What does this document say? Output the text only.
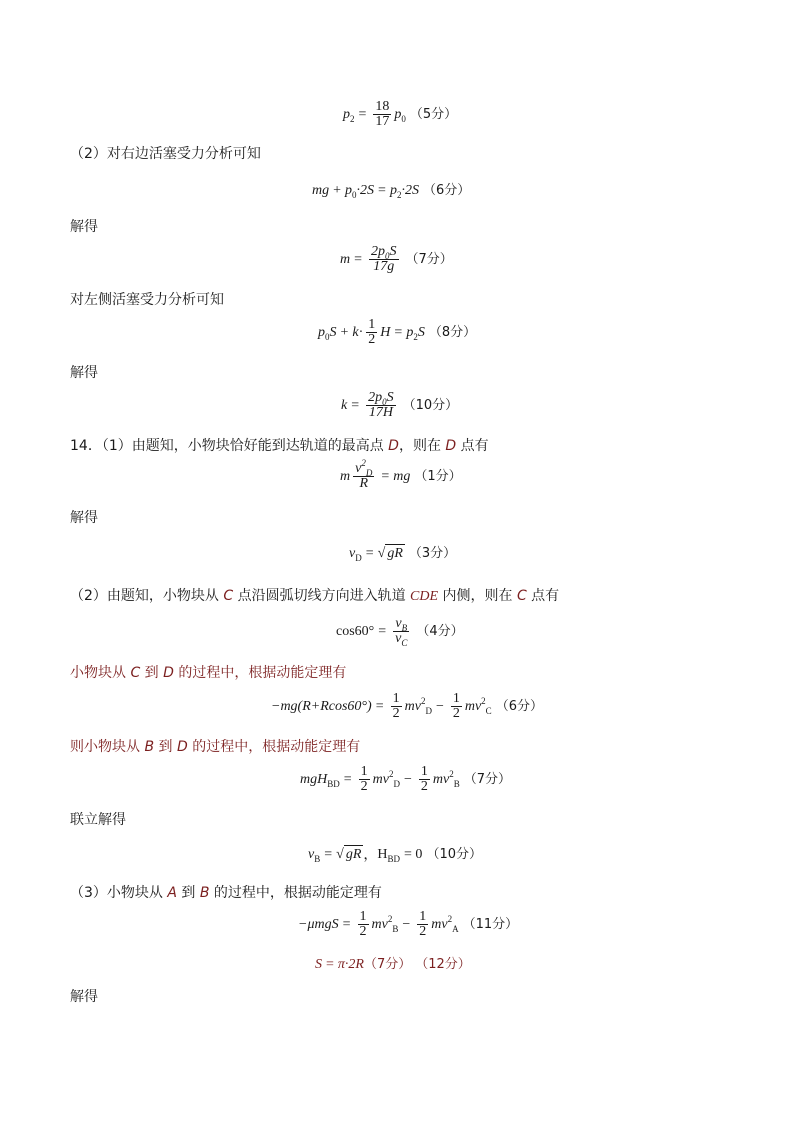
p $2 = \frac{18}{17}$ p 0 （5分）
（2）对右边活塞受力分析可知
mg + p 0 ·2S = p 2 ·2S （6分）
解得
$m = \frac{2p_0S}{17g} (7$分）
对左侧活塞受力分析可知
p 0 $S + k \cdot \frac{1}{2}$ H = p 2 S （8分）
解得
$k = \frac{2p_0S}{17H} (10$分）
14．（1）由题知，小物块恰好能到达轨道的最高点 D，则在 D 点有
m $\frac{v^2_D}{R}$ = mg （1分）
解得
v D = √ gR （3分）
（2）由题知，小物块从 C 点沿圆弧切线方向进入轨道 CDE 内侧，则在 C 点有
$\cos 60^\circ = \frac{v_B}{v_C} (4$分）
小物块从 C 到 D 的过程中，根据动能定理有
$-mg(R+Rcos60^\circ) = \frac{1}{2}$ mv 2
$D - \frac{1}{2}$ mv 2
C （6分）
则小物块从 B 到 D 的过程中，根据动能定理有
mgH BD = $\frac{1}{2}$ mv 2
$D - \frac{1}{2}$ mv 2
B （7分）
联立解得
v B = √ gR ， H BD = 0 （10分）
（3）小物块从 A 到 B 的过程中，根据动能定理有
$-\mu mgS = \frac{1}{2}$ mv 2
$B - \frac{1}{2}$ mv 2
A （11分）
S = π·2R （7分） （12分）
解得
